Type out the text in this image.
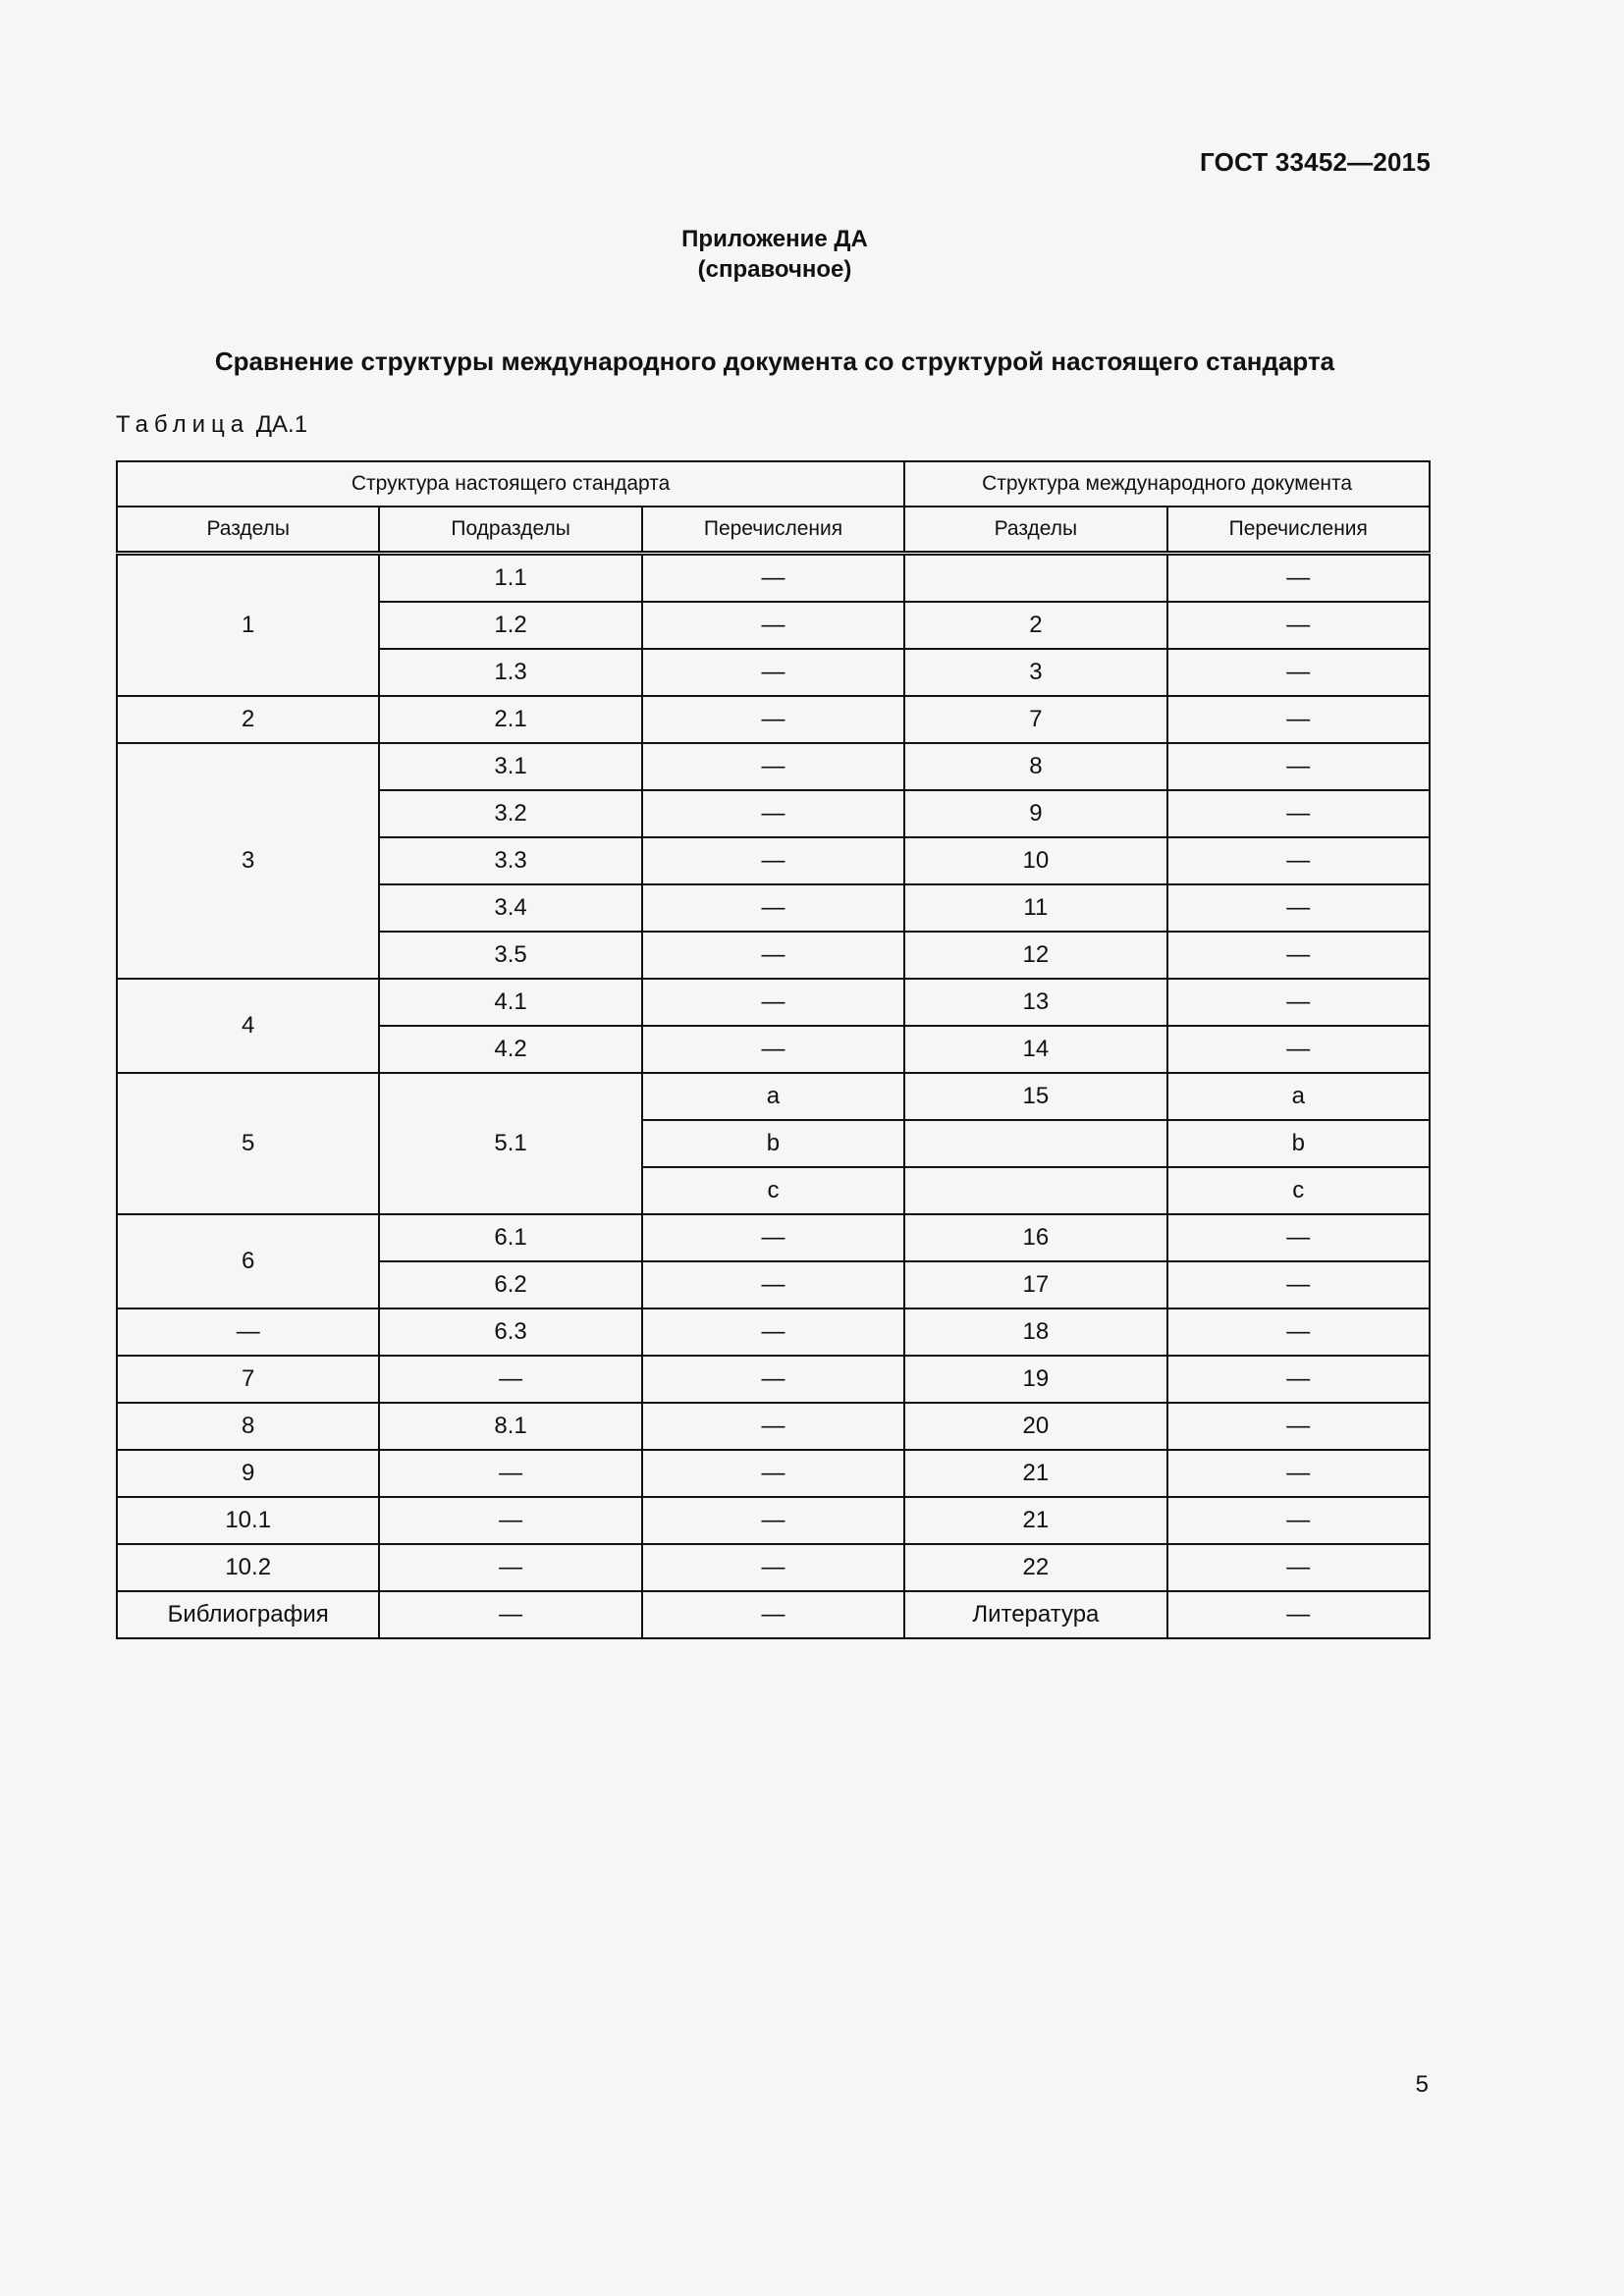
ГОСТ 33452—2015
Приложение ДА
(справочное)
Сравнение структуры международного документа со структурой настоящего стандарта
Таблица ДА.1
Структура настоящего стандарта			Структура международного документа	
Разделы	Подразделы	Перечисления	Разделы	Перечисления
1	1.1	—		—
	1.2	—	2	—
	1.3	—	3	—
2	2.1	—	7	—
3	3.1	—	8	—
	3.2	—	9	—
	3.3	—	10	—
	3.4	—	11	—
	3.5	—	12	—
4	4.1	—	13	—
	4.2	—	14	—
5	5.1	a	15	a
		b		b
		c		c
6	6.1	—	16	—
	6.2	—	17	—
—	6.3	—	18	—
7	—	—	19	—
8	8.1	—	20	—
9	—	—	21	—
10.1	—	—	21	—
10.2	—	—	22	—
Библиография	—	—	Литература	—
5
